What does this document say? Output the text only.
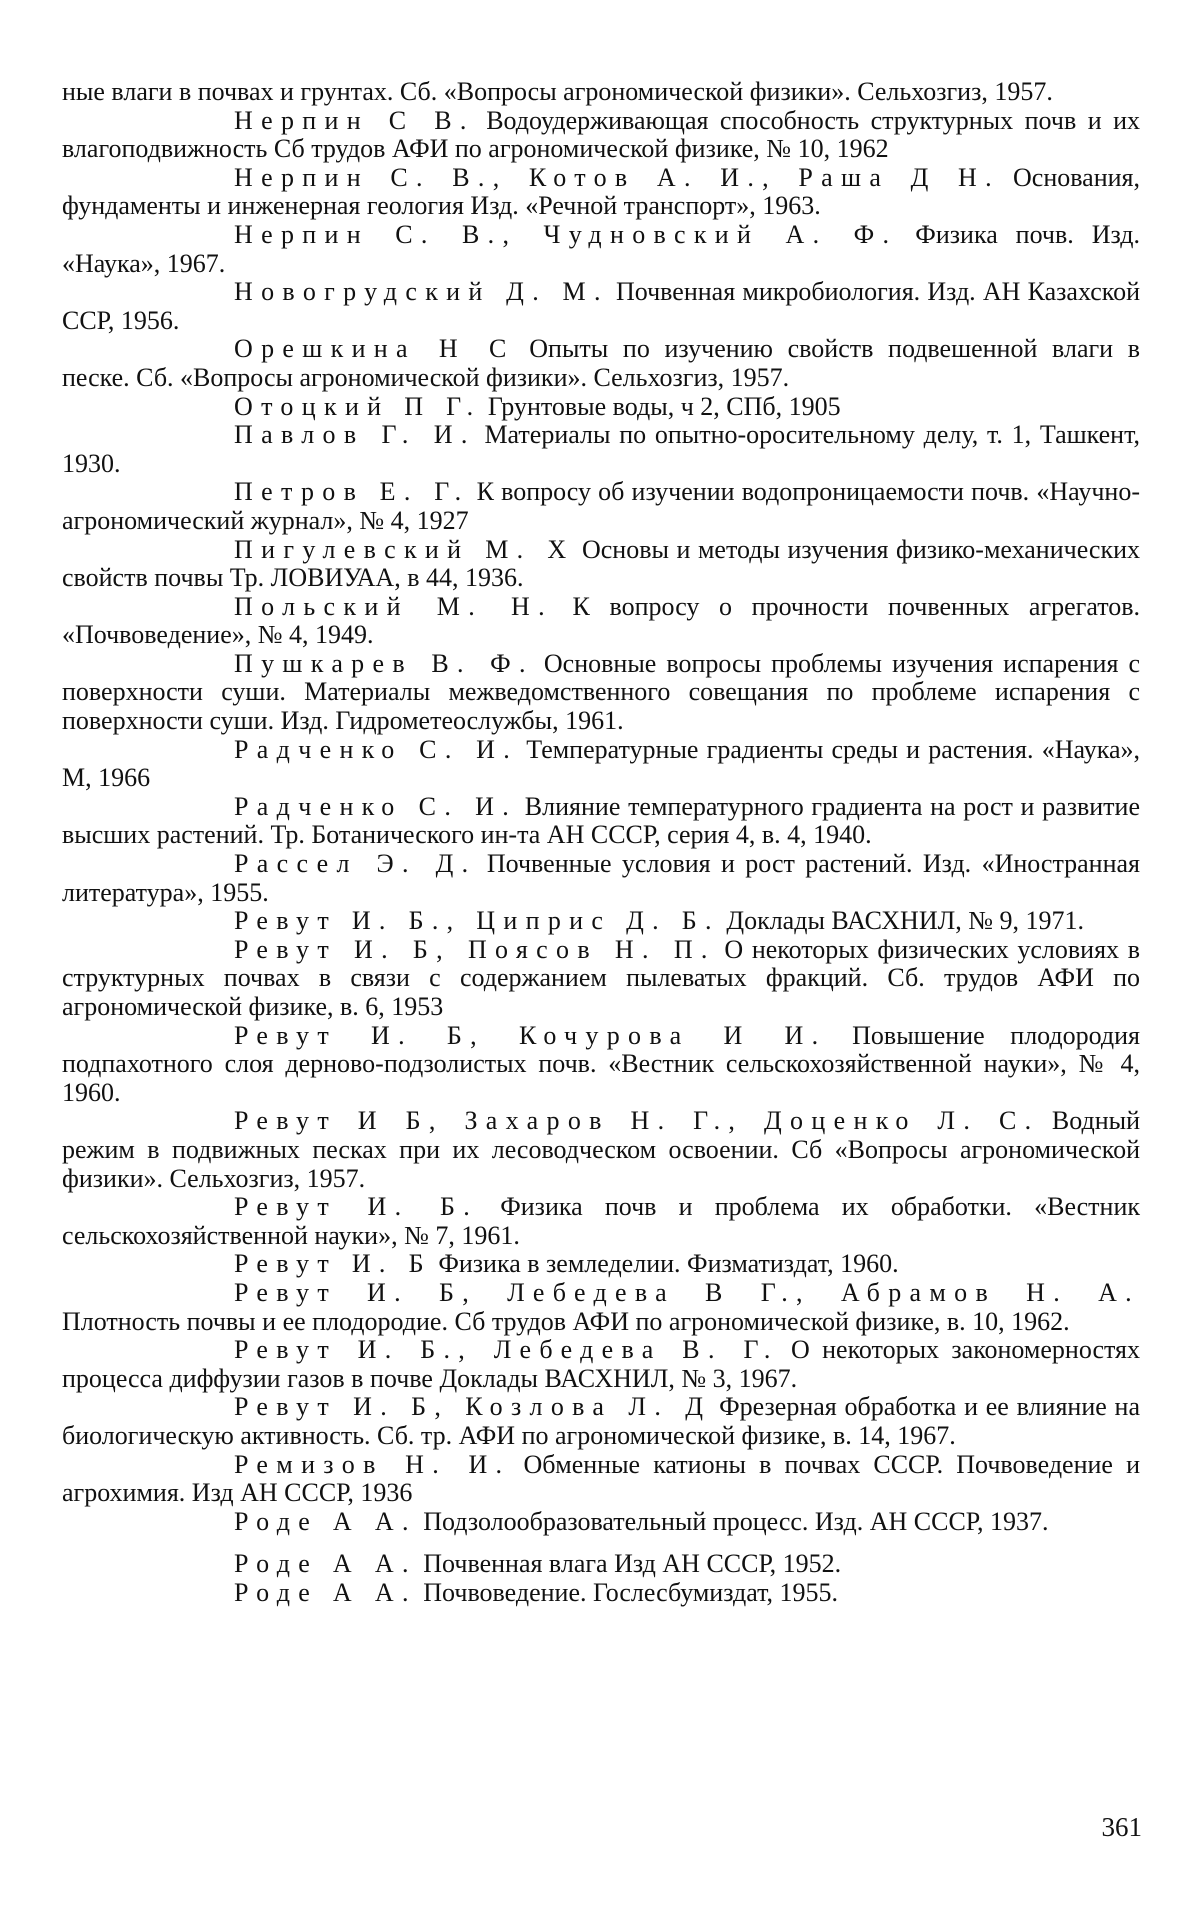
ные влаги в почвах и грунтах. Сб. «Вопросы агрономической физики». Сельхозгиз, 1957.

Нерпин С В. Водоудерживающая способность структурных почв и их влагоподвижность Сб трудов АФИ по агрономической физике, № 10, 1962

Нерпин С. В., Котов А. И., Раша Д Н. Основания, фундаменты и инженерная геология Изд. «Речной транспорт», 1963.

Нерпин С. В., Чудновский А. Ф. Физика почв. Изд. «Наука», 1967.

Новогрудский Д. М. Почвенная микробиология. Изд. АН Казахской ССР, 1956.

Орешкина Н С Опыты по изучению свойств подвешенной влаги в песке. Сб. «Вопросы агрономической физики». Сельхозгиз, 1957.

Отоцкий П Г. Грунтовые воды, ч 2, СПб, 1905

Павлов Г. И. Материалы по опытно-оросительному делу, т. 1, Ташкент, 1930.

Петров Е. Г. К вопросу об изучении водопроницаемости почв. «Научно-агрономический журнал», № 4, 1927

Пигулевский М. Х Основы и методы изучения физико-механических свойств почвы Тр. ЛОВИУАА, в 44, 1936.

Польский М. Н. К вопросу о прочности почвенных агрегатов. «Почвоведение», № 4, 1949.

Пушкарев В. Ф. Основные вопросы проблемы изучения испарения с поверхности суши. Материалы межведомственного совещания по проблеме испарения с поверхности суши. Изд. Гидрометеослужбы, 1961.

Радченко С. И. Температурные градиенты среды и растения. «Наука», М, 1966

Радченко С. И. Влияние температурного градиента на рост и развитие высших растений. Тр. Ботанического ин-та АН СССР, серия 4, в. 4, 1940.

Рассел Э. Д. Почвенные условия и рост растений. Изд. «Иностранная литература», 1955.

Ревут И. Б., Циприс Д. Б. Доклады ВАСХНИЛ, № 9, 1971.

Ревут И. Б, Поясов Н. П. О некоторых физических условиях в структурных почвах в связи с содержанием пылеватых фракций. Сб. трудов АФИ по агрономической физике, в. 6, 1953

Ревут И. Б, Кочурова И И. Повышение плодородия подпахотного слоя дерново-подзолистых почв. «Вестник сельскохозяйственной науки», № 4, 1960.

Ревут И Б, Захаров Н. Г., Доценко Л. С. Водный режим в подвижных песках при их лесоводческом освоении. Сб «Вопросы агрономической физики». Сельхозгиз, 1957.

Ревут И. Б. Физика почв и проблема их обработки. «Вестник сельскохозяйственной науки», № 7, 1961.

Ревут И. Б Физика в земледелии. Физматиздат, 1960.

Ревут И. Б, Лебедева В Г., Абрамов Н. А. Плотность почвы и ее плодородие. Сб трудов АФИ по агрономической физике, в. 10, 1962.

Ревут И. Б., Лебедева В. Г. О некоторых закономерностях процесса диффузии газов в почве Доклады ВАСХНИЛ, № 3, 1967.

Ревут И. Б, Козлова Л. Д Фрезерная обработка и ее влияние на биологическую активность. Сб. тр. АФИ по агрономической физике, в. 14, 1967.

Ремизов Н. И. Обменные катионы в почвах СССР. Почвоведение и агрохимия. Изд АН СССР, 1936

Роде А А. Подзолообразовательный процесс. Изд. АН СССР, 1937.

Роде А А. Почвенная влага Изд АН СССР, 1952.

Роде А А. Почвоведение. Гослесбумиздат, 1955.

361
